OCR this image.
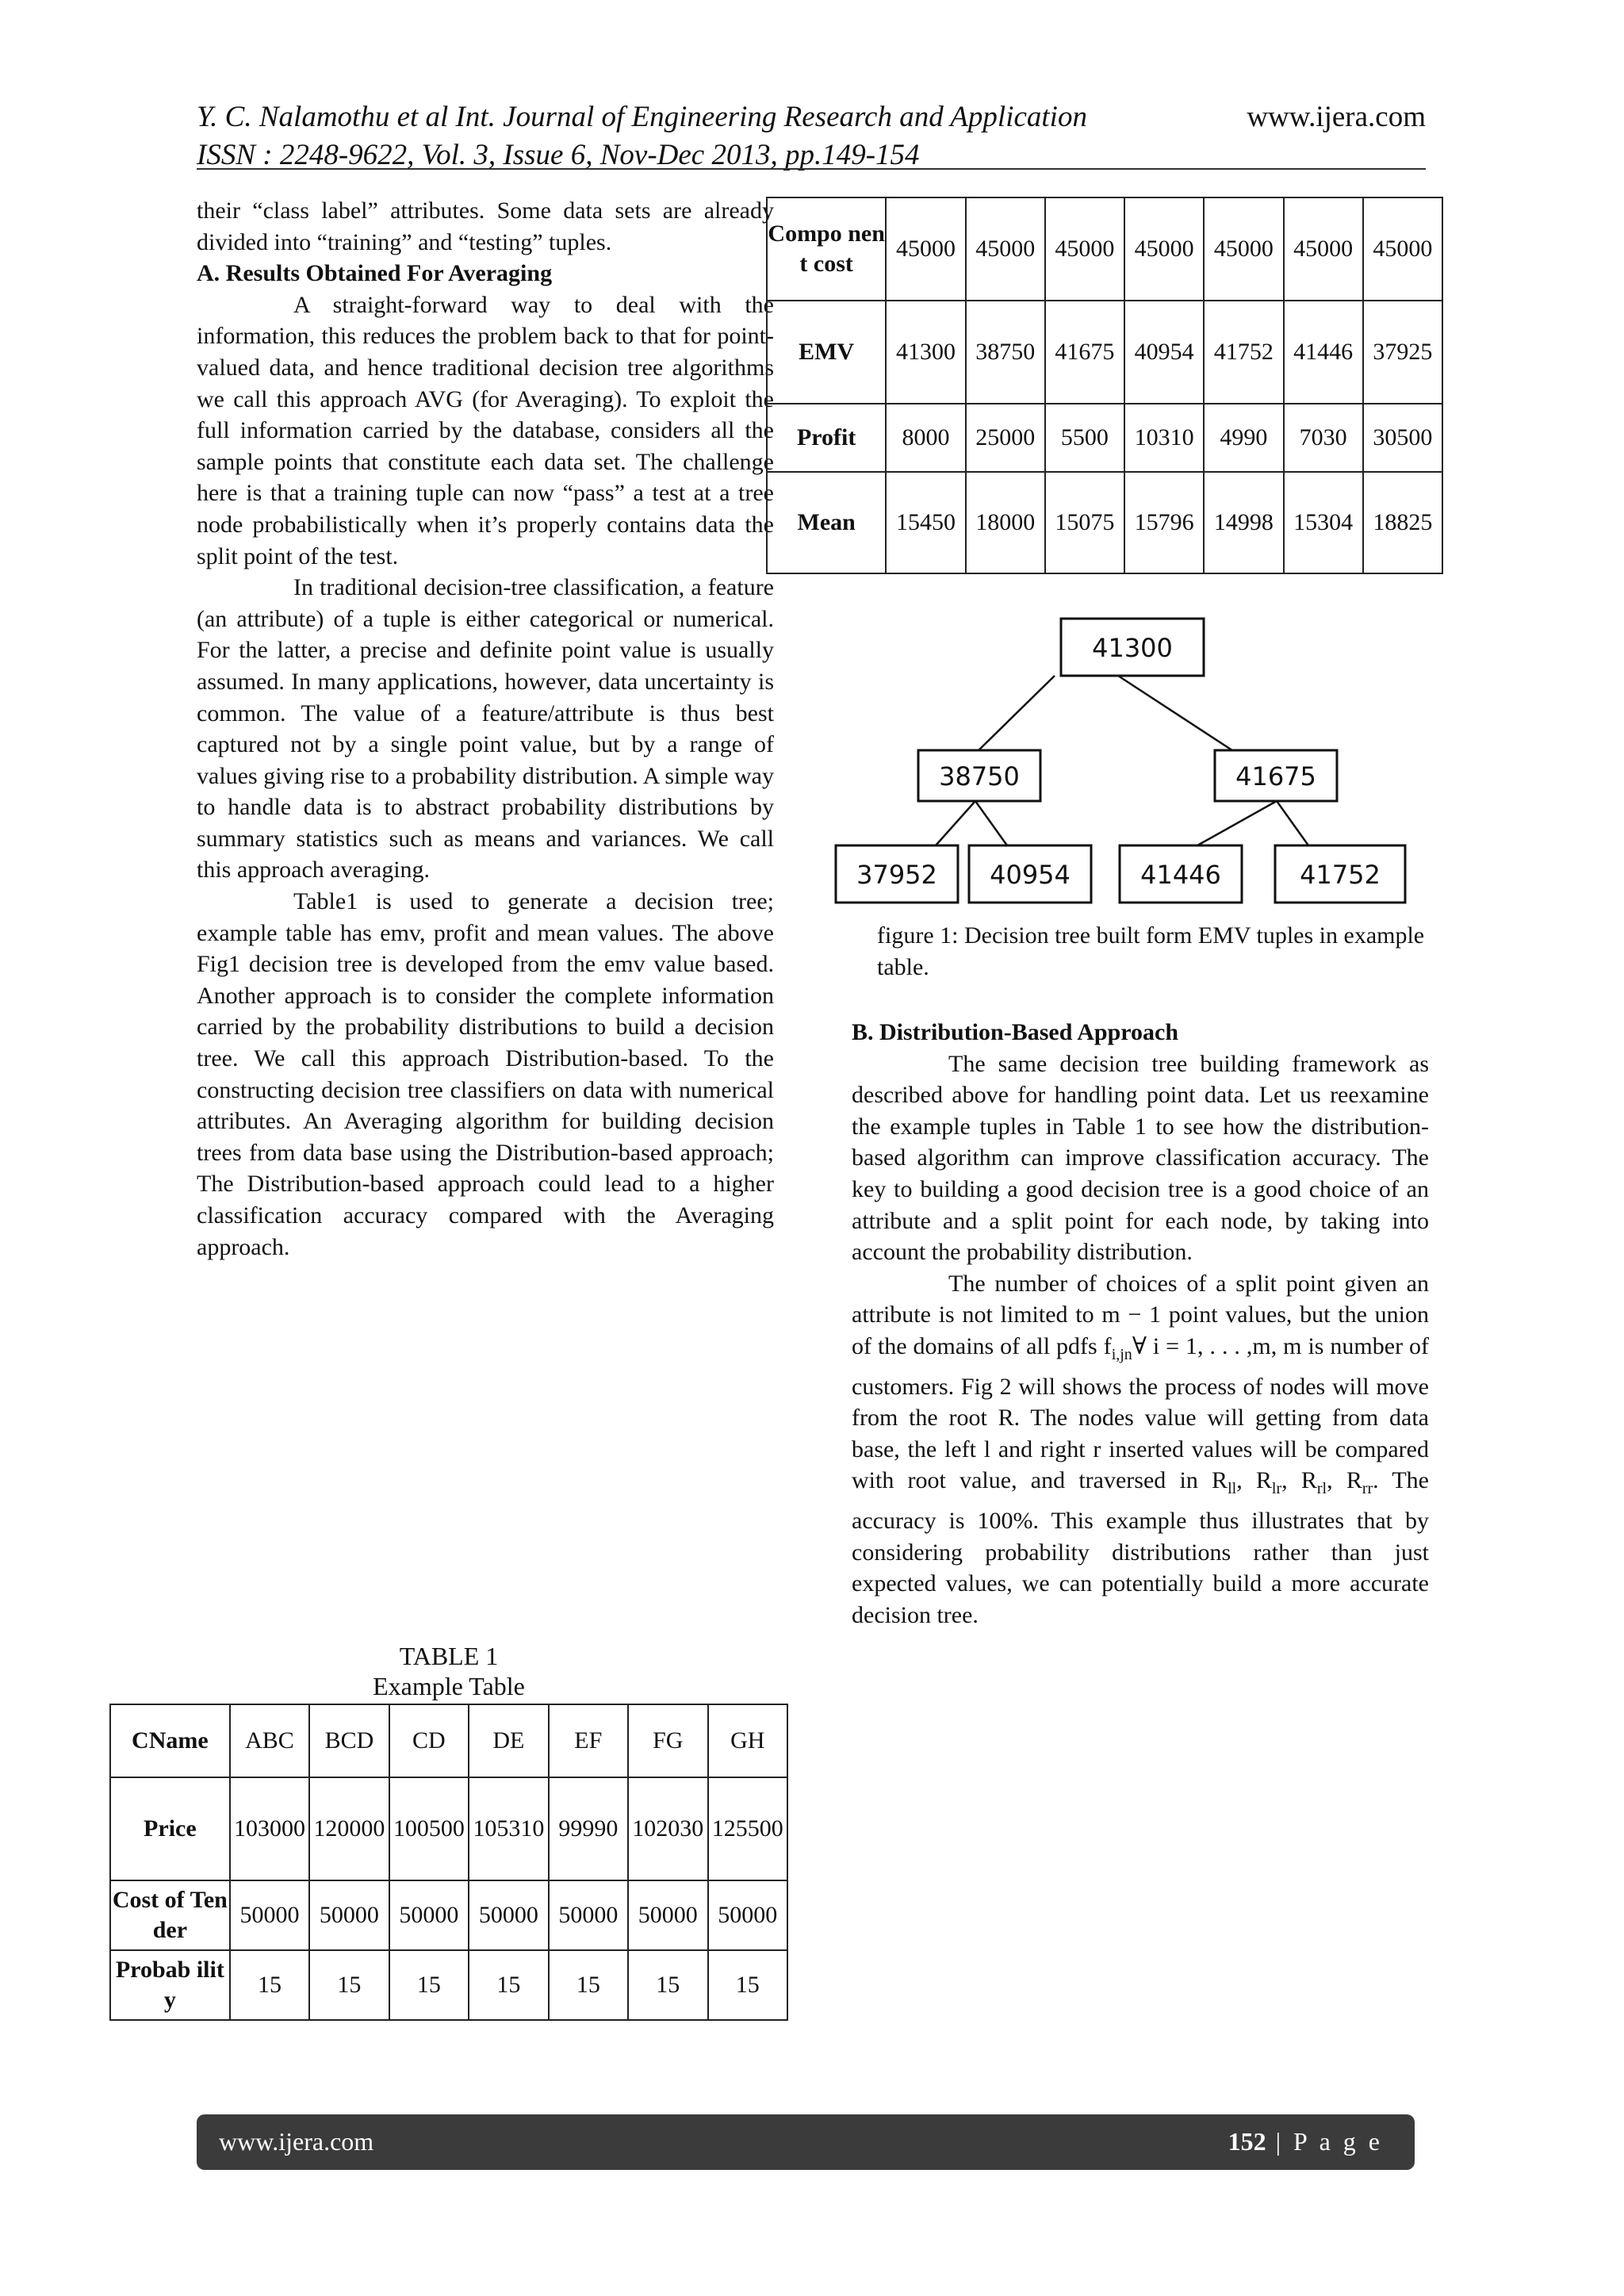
Y. C. Nalamothu et al Int. Journal of Engineering Research and Application
ISSN : 2248-9622, Vol. 3, Issue 6, Nov-Dec 2013, pp.149-154
www.ijera.com

their “class label” attributes. Some data sets are already divided into “training” and “testing” tuples.

A. Results Obtained For Averaging

A straight-forward way to deal with the information, this reduces the problem back to that for point-valued data, and hence traditional decision tree algorithms we call this approach AVG (for Averaging). To exploit the full information carried by the database, considers all the sample points that constitute each data set. The challenge here is that a training tuple can now “pass” a test at a tree node probabilistically when it’s properly contains data the split point of the test.

In traditional decision-tree classification, a feature (an attribute) of a tuple is either categorical or numerical. For the latter, a precise and definite point value is usually assumed. In many applications, however, data uncertainty is common. The value of a feature/attribute is thus best captured not by a single point value, but by a range of values giving rise to a probability distribution. A simple way to handle data is to abstract probability distributions by summary statistics such as means and variances. We call this approach averaging.

Table1 is used to generate a decision tree; example table has emv, profit and mean values. The above Fig1 decision tree is developed from the emv value based. Another approach is to consider the complete information carried by the probability distributions to build a decision tree. We call this approach Distribution-based. To the constructing decision tree classifiers on data with numerical attributes. An Averaging algorithm for building decision trees from data base using the Distribution-based approach; The Distribution-based approach could lead to a higher classification accuracy compared with the Averaging approach.

Compo nent cost	45000	45000	45000	45000	45000	45000	45000
EMV	41300	38750	41675	40954	41752	41446	37925
Profit	8000	25000	5500	10310	4990	7030	30500
Mean	15450	18000	15075	15796	14998	15304	18825
41300
38750	41675
37952 40954	41446	41752
figure 1: Decision tree built form EMV tuples in example table.

B. Distribution-Based Approach

The same decision tree building framework as described above for handling point data. Let us reexamine the example tuples in Table 1 to see how the distribution-based algorithm can improve classification accuracy. The key to building a good decision tree is a good choice of an attribute and a split point for each node, by taking into account the probability distribution.

The number of choices of a split point given an attribute is not limited to m − 1 point values, but the union of the domains of all pdfs $f_{i,jn}\forall$ i = 1, . . . ,m, m is number of customers. Fig 2 will shows the process of nodes will move from the root R. The nodes value will getting from data base, the left l and right r inserted values will be compared with root value, and traversed in $R_{ll}$, $R_{lr}$, $R_{rl}$, $R_{rr}$. The accuracy is 100%. This example thus illustrates that by considering probability distributions rather than just expected values, we can potentially build a more accurate decision tree.

TABLE 1
Example Table
CName	ABC	BCD	CD	DE	EF	FG	GH
Price	103000	120000	100500	105310	99990	102030	125500
Cost of Tender	50000	50000	50000	50000	50000	50000	50000
Probab ility	15	15	15	15	15	15	15
www.ijera.com	152 | P a g e
